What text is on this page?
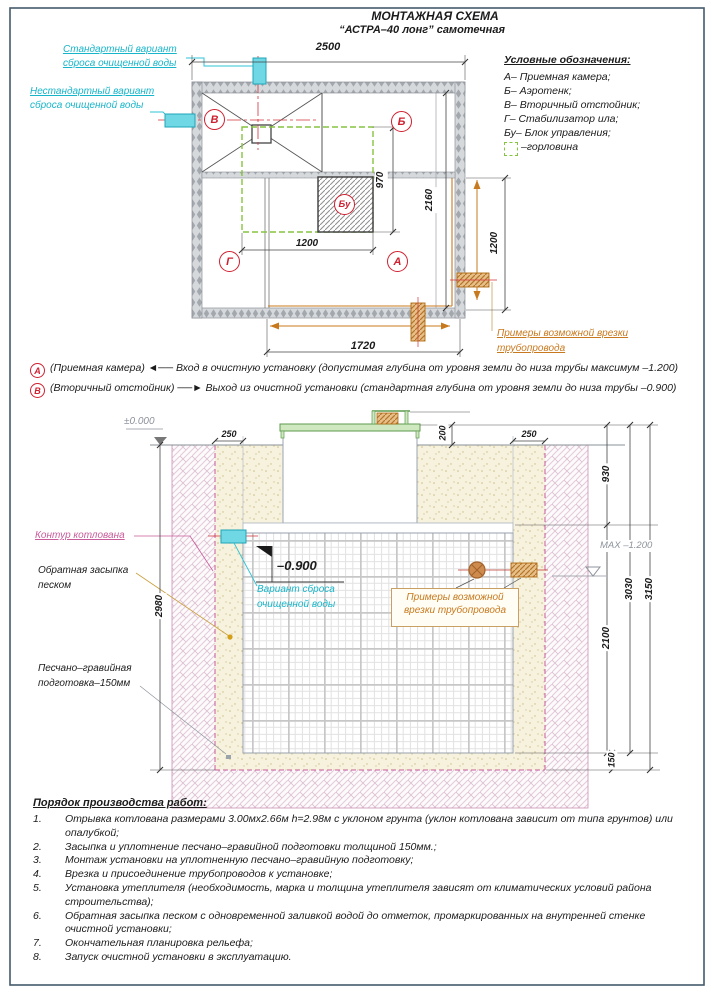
МОНТАЖНАЯ СХЕМА
“АСТРА–40 лонг” самотечная
Условные обозначения:
А– Приемная камера;
Б– Аэротенк;
В– Вторичный отстойник;
Г– Стабилизатор ила;
Бу– Блок управления;
–горловина
Стандартный вариант
сброса очищенной воды
Нестандартный вариант
сброса очищенной воды
2500
970
2160
1200	1200
1720
Примеры возможной врезки
трубопровода
В	Б
Г	А
Бу

А (Приемная камера) ◄── Вход в очистную установку (допустимая глубина от уровня земли до низа трубы максимум –1.200)

В (Вторичный отстойник) ──► Выход из очистной установки (стандартная глубина от уровня земли до низа трубы –0.900)

±0.000
250	200	250
930
2100
150
3030 3150
2980
MAX –1.200
–0.900
Вариант сброса
очищенной воды
Примеры возможной
врезки трубопровода
Контур котлована
Обратная засыпка
песком
Песчано–гравийная
подготовка–150мм
Порядок производства работ:
1.	Отрывка котлована размерами 3.00мх2.66м h=2.98м с уклоном грунта (уклон котлована зависит от типа грунтов) или опалубкой;
2.	Засыпка и уплотнение песчано–гравийной подготовки толщиной 150мм.;
3.	Монтаж установки на уплотненную песчано–гравийную подготовку;
4.	Врезка и присоединение трубопроводов к установке;
5.	Установка утеплителя (необходимость, марка и толщина утеплителя зависят от климатических условий района строительства);
6.	Обратная засыпка песком с одновременной заливкой водой до отметок, промаркированных на внутренней стенке очистной установки;
7.	Окончательная планировка рельефа;
8.	Запуск очистной установки в эксплуатацию.
